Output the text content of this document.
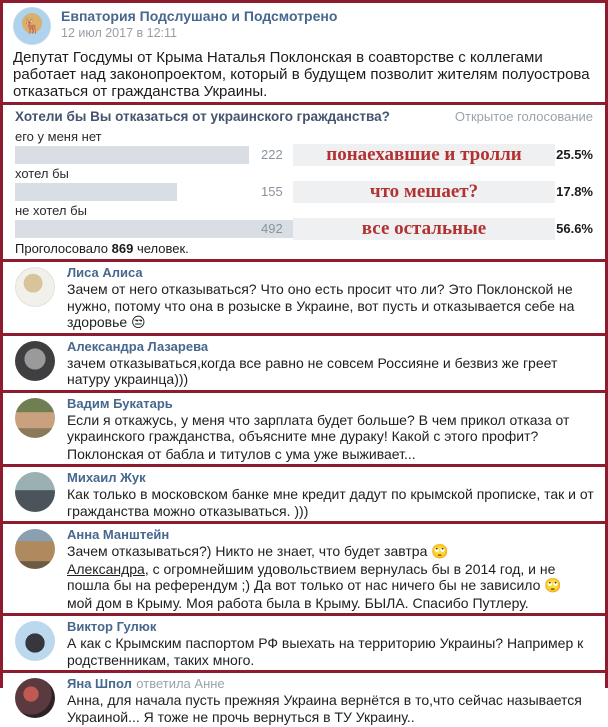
🦌
Евпатория Подслушано и Подсмотрено
12 июл 2017 в 12:11
Депутат Госдумы от Крыма Наталья Поклонская в соавторстве с коллегами работает над законопроектом, который в будущем позволит жителям полуострова отказаться от гражданства Украины.
Хотели бы Вы отказаться от украинского гражданства?	Открытое голосование
его у меня нет
222	понаехавшие и тролли	25.5%
хотел бы
155	что мешает?	17.8%
не хотел бы
492	все остальные	56.6%
Проголосовало 869 человек.
Лиса Алиса
Зачем от него отказываться? Что оно есть просит что ли? Это Поклонской не нужно, потому что она в розыске в Украине, вот пусть и отказывается себе на здоровье 😒
Александра Лазарева
зачем отказываться,когда все равно не совсем Россияне и безвиз же греет натуру украинца)))
Вадим Букатарь
Если я откажусь, у меня что зарплата будет больше? В чем прикол отказа от украинского гражданства, объясните мне дураку! Какой с этого профит?
Поклонская от бабла и титулов с ума уже выживает...
Михаил Жук
Как только в московском банке мне кредит дадут по крымской прописке, так и от гражданства можно отказываться. )))
Анна Манштейн
Зачем отказываться?) Никто не знает, что будет завтра 🙄
Александра, с огромнейшим удовольствием вернулась бы в 2014 год, и не пошла бы на референдум ;) Да вот только от нас ничего бы не зависило 🙄
мой дом в Крыму. Моя работа была в Крыму. БЫЛА. Спасибо Путлеру.
Виктор Гулюк
А как с Крымским паспортом РФ выехать на территорию Украины? Например к родственникам, таких много.
Яна Шпол ответила Анне
Анна, для начала пусть прежняя Украина вернётся в то,что сейчас называется Украиной... Я тоже не прочь вернуться в ТУ Украину..
